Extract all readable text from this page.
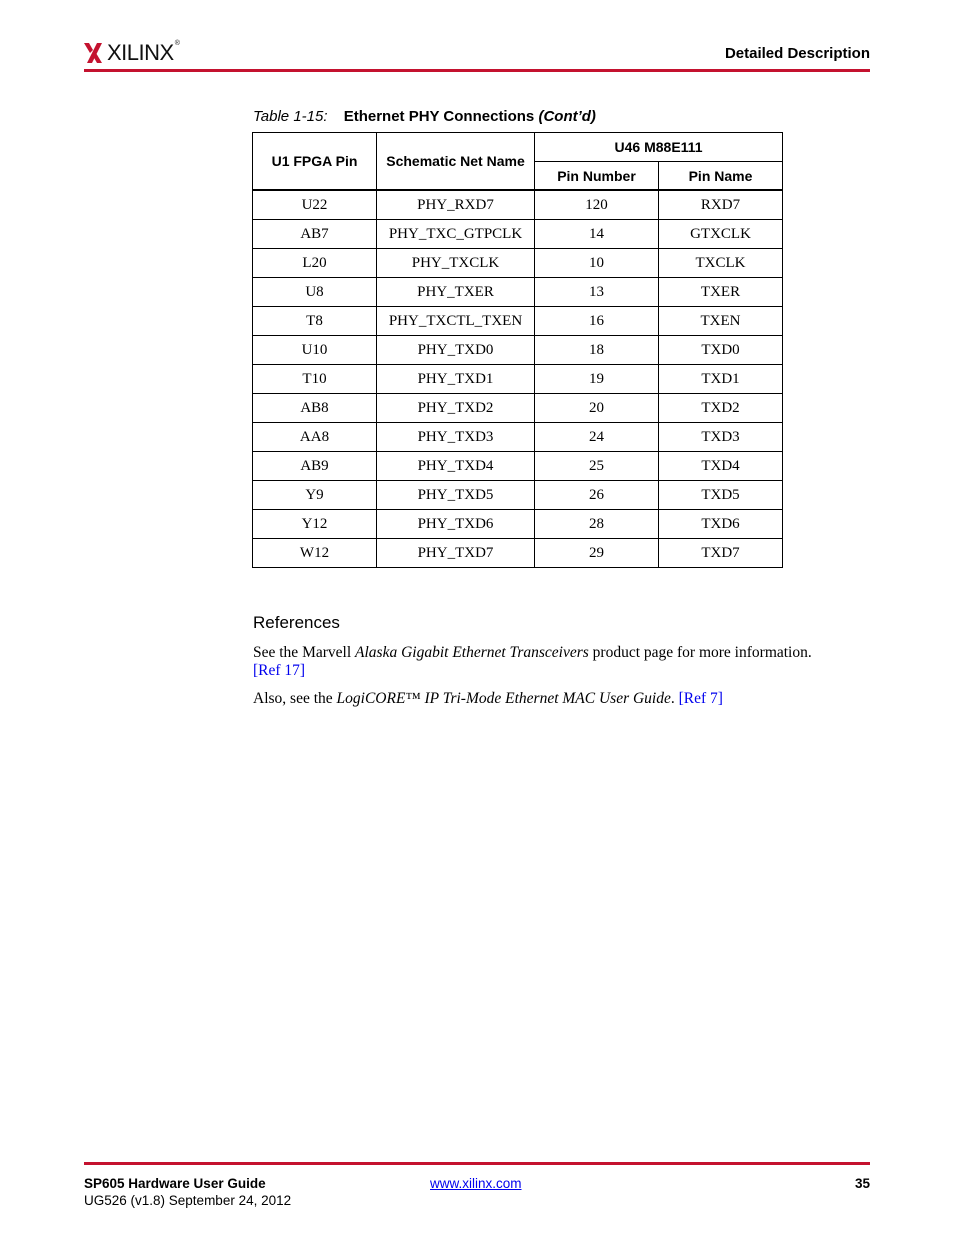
XILINX®
Detailed Description
Table 1-15: Ethernet PHY Connections (Cont’d)
U1 FPGA Pin	Schematic Net Name	U46 M88E111	
		Pin Number	Pin Name
U22	PHY_RXD7	120	RXD7
AB7	PHY_TXC_GTPCLK	14	GTXCLK
L20	PHY_TXCLK	10	TXCLK
U8	PHY_TXER	13	TXER
T8	PHY_TXCTL_TXEN	16	TXEN
U10	PHY_TXD0	18	TXD0
T10	PHY_TXD1	19	TXD1
AB8	PHY_TXD2	20	TXD2
AA8	PHY_TXD3	24	TXD3
AB9	PHY_TXD4	25	TXD4
Y9	PHY_TXD5	26	TXD5
Y12	PHY_TXD6	28	TXD6
W12	PHY_TXD7	29	TXD7
References
See the Marvell Alaska Gigabit Ethernet Transceivers product page for more information.
[Ref 17]
Also, see the LogiCORE™ IP Tri-Mode Ethernet MAC User Guide. [Ref 7]
SP605 Hardware User Guide
UG526 (v1.8) September 24, 2012
www.xilinx.com	35
